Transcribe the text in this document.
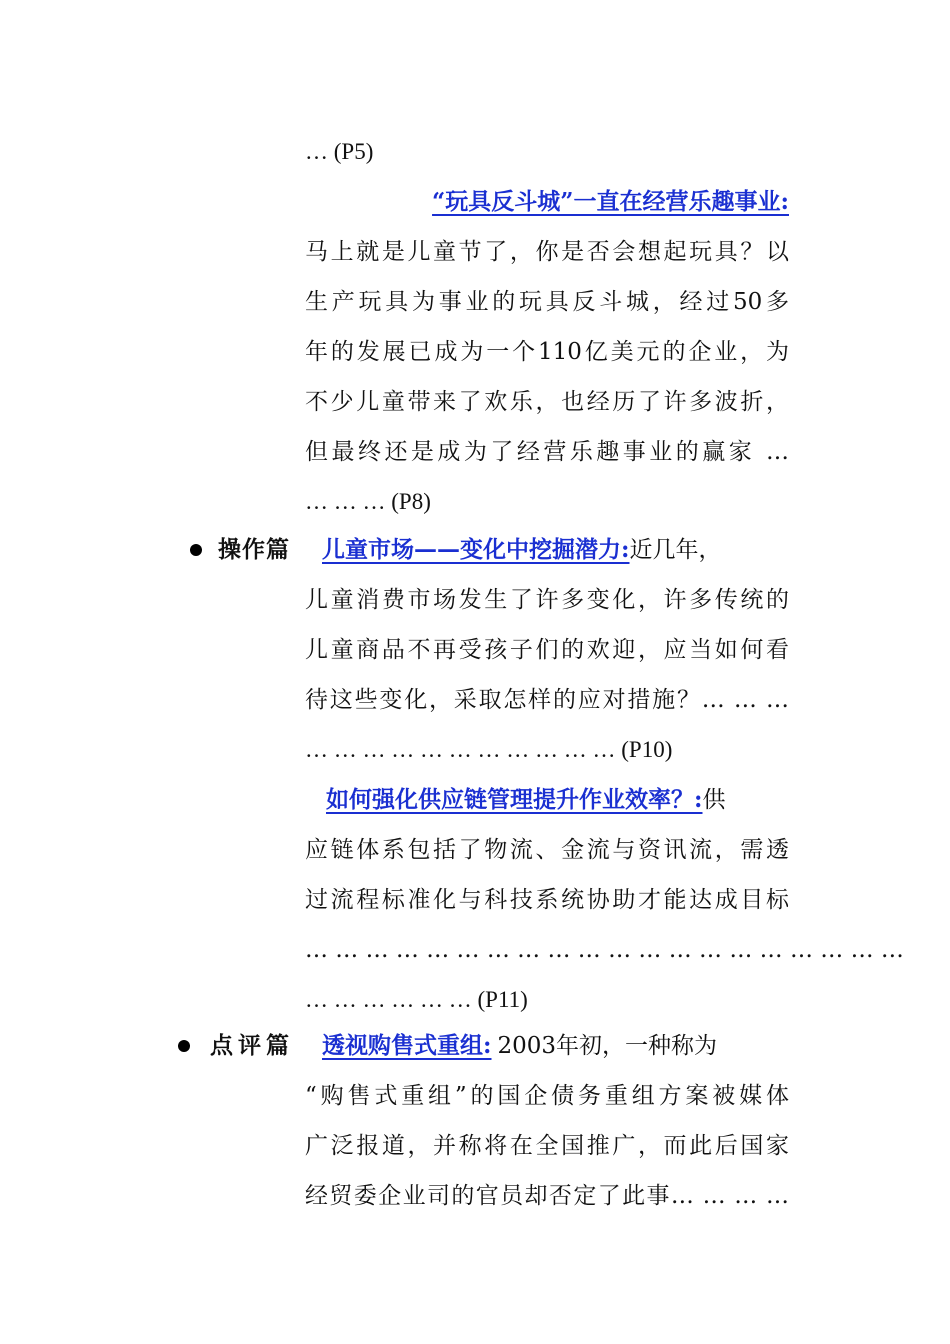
… (P5)
“玩具反斗城”一直在经营乐趣事业:
马上就是儿童节了，你是否会想起玩具？以
生产玩具为事业的玩具反斗城，经过50多
年的发展已成为一个110亿美元的企业，为
不少儿童带来了欢乐，也经历了许多波折，
但最终还是成为了经营乐趣事业的赢家 …
… … … (P8)
操作篇 儿童市场——变化中挖掘潜力:近几年，
儿童消费市场发生了许多变化，许多传统的
儿童商品不再受孩子们的欢迎，应当如何看
待这些变化，采取怎样的应对措施？… … …
… … … … … … … … … … … (P10)
如何强化供应链管理提升作业效率？:供
应链体系包括了物流、金流与资讯流，需透
过流程标准化与科技系统协助才能达成目标
… … … … … … … … … … … … … … … … … … … …
… … … … … … (P11)
点评篇 透视购售式重组: 2003年初，一种称为
“购售式重组”的国企债务重组方案被媒体
广泛报道，并称将在全国推广，而此后国家
经贸委企业司的官员却否定了此事… … … …
